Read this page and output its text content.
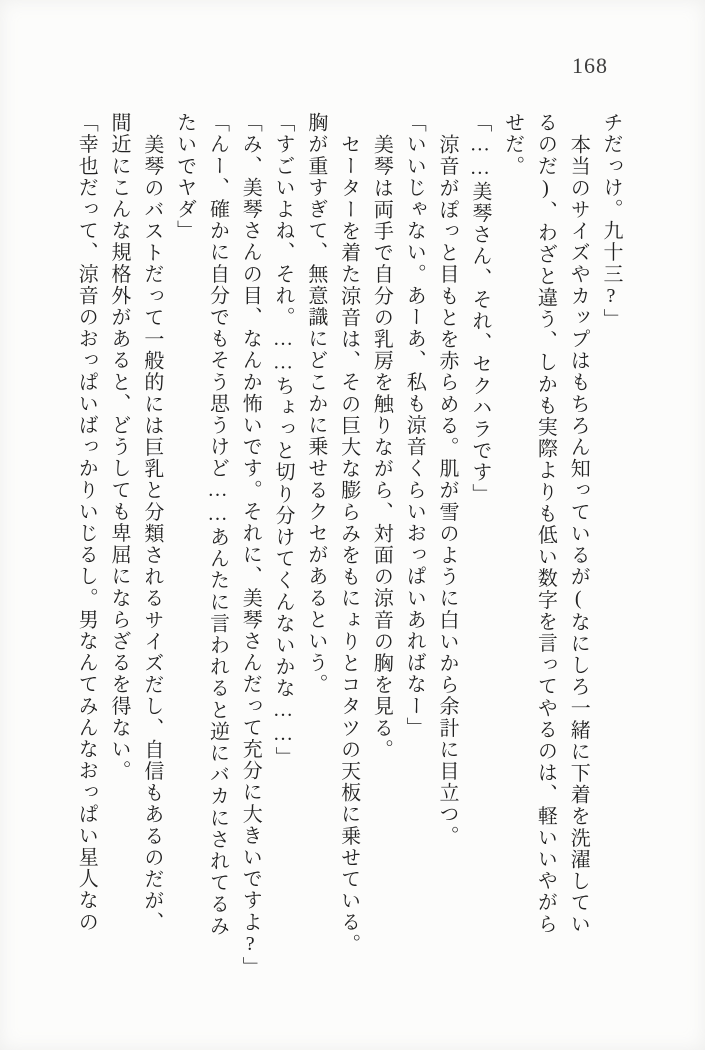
168

チだっけ。九十三?」

本当のサイズやカップはもちろん知っているが(なにしろ一緒に下着を洗濯してい

るのだ)、わざと違う、しかも実際よりも低い数字を言ってやるのは、軽いいやがら

せだ。

「……美琴さん、それ、セクハラです」

涼音がぽっと目もとを赤らめる。肌が雪のように白いから余計に目立つ。

「いいじゃない。あーあ、私も涼音くらいおっぱいあればなー」

美琴は両手で自分の乳房を触りながら、対面の涼音の胸を見る。

セーターを着た涼音は、その巨大な膨らみをもにょりとコタツの天板に乗せている。

胸が重すぎて、無意識にどこかに乗せるクセがあるという。

「すごいよね、それ。……ちょっと切り分けてくんないかな……」

「み、美琴さんの目、なんか怖いです。それに、美琴さんだって充分に大きいですよ?」

「んー、確かに自分でもそう思うけど……あんたに言われると逆にバカにされてるみ

たいでヤダ」

美琴のバストだって一般的には巨乳と分類されるサイズだし、自信もあるのだが、

間近にこんな規格外があると、どうしても卑屈にならざるを得ない。

「幸也だって、涼音のおっぱいばっかりいじるし。男なんてみんなおっぱい星人なの
